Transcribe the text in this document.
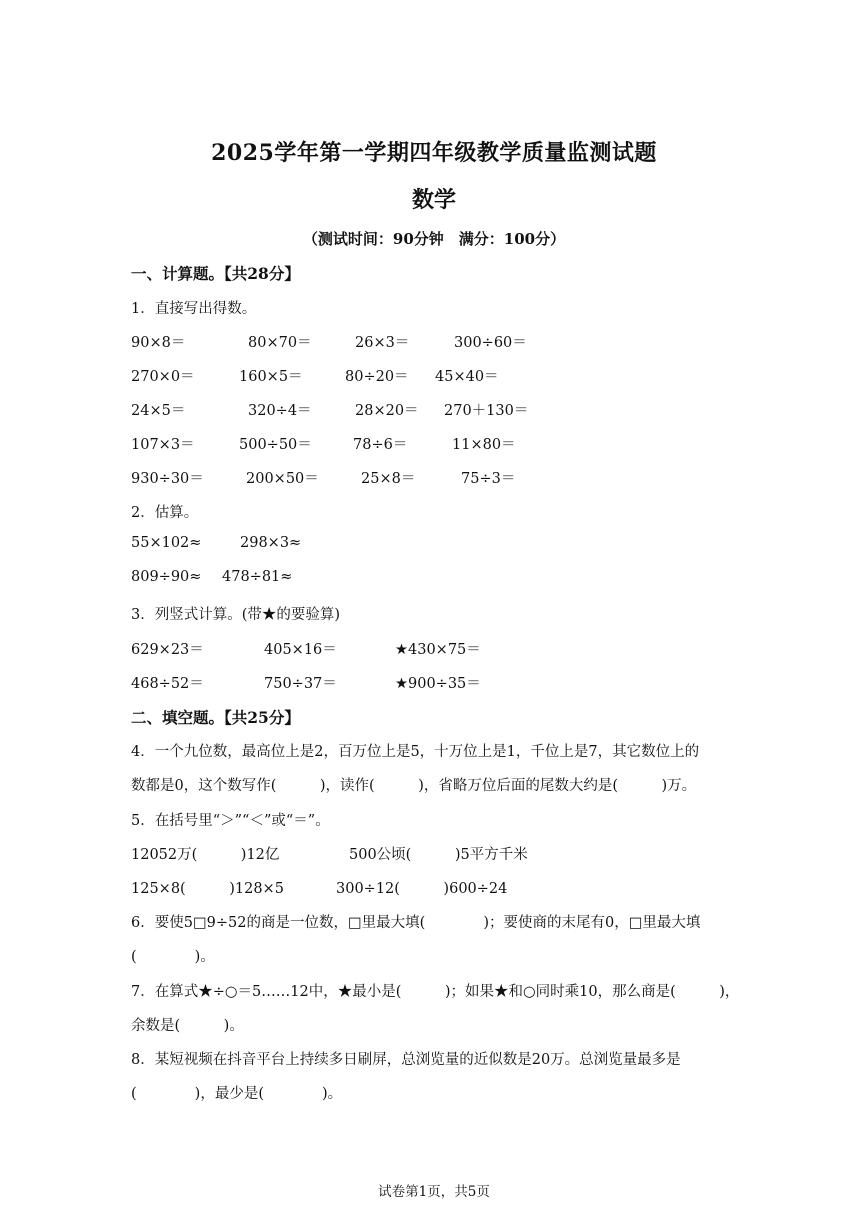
2025学年第一学期四年级教学质量监测试题
数学
（测试时间：90分钟　满分：100分）
一、计算题。【共28分】
1．直接写出得数。
90×8＝	80×70＝	26×3＝	300÷60＝
270×0＝	160×5＝	80÷20＝ 45×40＝
24×5＝	320÷4＝	28×20＝ 270＋130＝
107×3＝	500÷50＝	78÷6＝	11×80＝
930÷30＝	200×50＝	25×8＝	75÷3＝
2．估算。
55×102≈	298×3≈
809÷90≈ 478÷81≈
3．列竖式计算。(带★的要验算)
629×23＝	405×16＝	★430×75＝
468÷52＝	750÷37＝	★900÷35＝
二、填空题。【共25分】
4．一个九位数，最高位上是2，百万位上是5，十万位上是1，千位上是7，其它数位上的
数都是0，这个数写作(　　　)，读作(　　　)，省略万位后面的尾数大约是(　　　)万。
5．在括号里“＞”“＜”或“＝”。
12052万(　　　)12亿	500公顷(　　　)5平方千米
125×8(　　　)128×5	300÷12(　　　)600÷24
6．要使5□9÷52的商是一位数，□里最大填(　　　　)；要使商的末尾有0，□里最大填
(　　　　)。
7．在算式★÷○＝5……12中，★最小是(　　　)；如果★和○同时乘10，那么商是(　　　)，
余数是(　　　)。
8．某短视频在抖音平台上持续多日刷屏，总浏览量的近似数是20万。总浏览量最多是
(　　　　)，最少是(　　　　)。
试卷第1页，共5页
